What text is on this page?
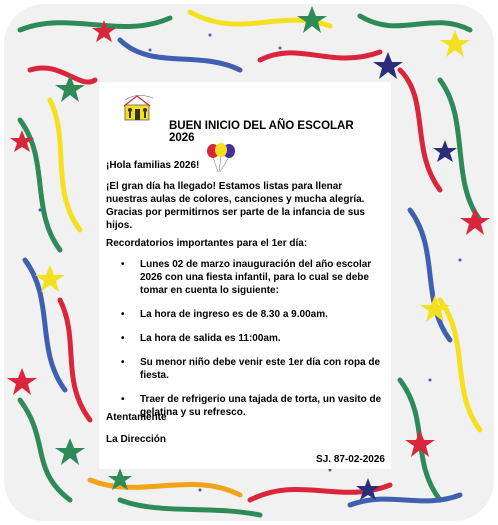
BUEN INICIO DEL AÑO ESCOLAR 2026
¡Hola familias 2026!
¡El gran día ha llegado! Estamos listas para llenar nuestras aulas de colores, canciones y mucha alegría. Gracias por permitirnos ser parte de la infancia de sus hijos.
Recordatorios importantes para el 1er día:
• Lunes 02 de marzo inauguración del año escolar 2026 con una fiesta infantil, para lo cual se debe tomar en cuenta lo siguiente:
• La hora de ingreso es de 8.30 a 9.00am.
• La hora de salida es 11:00am.
• Su menor niño debe venir este 1er día con ropa de fiesta.
• Traer de refrigerio una tajada de torta, un vasito de gelatina y su refresco.
Atentamente
La Dirección
SJ. 87-02-2026
